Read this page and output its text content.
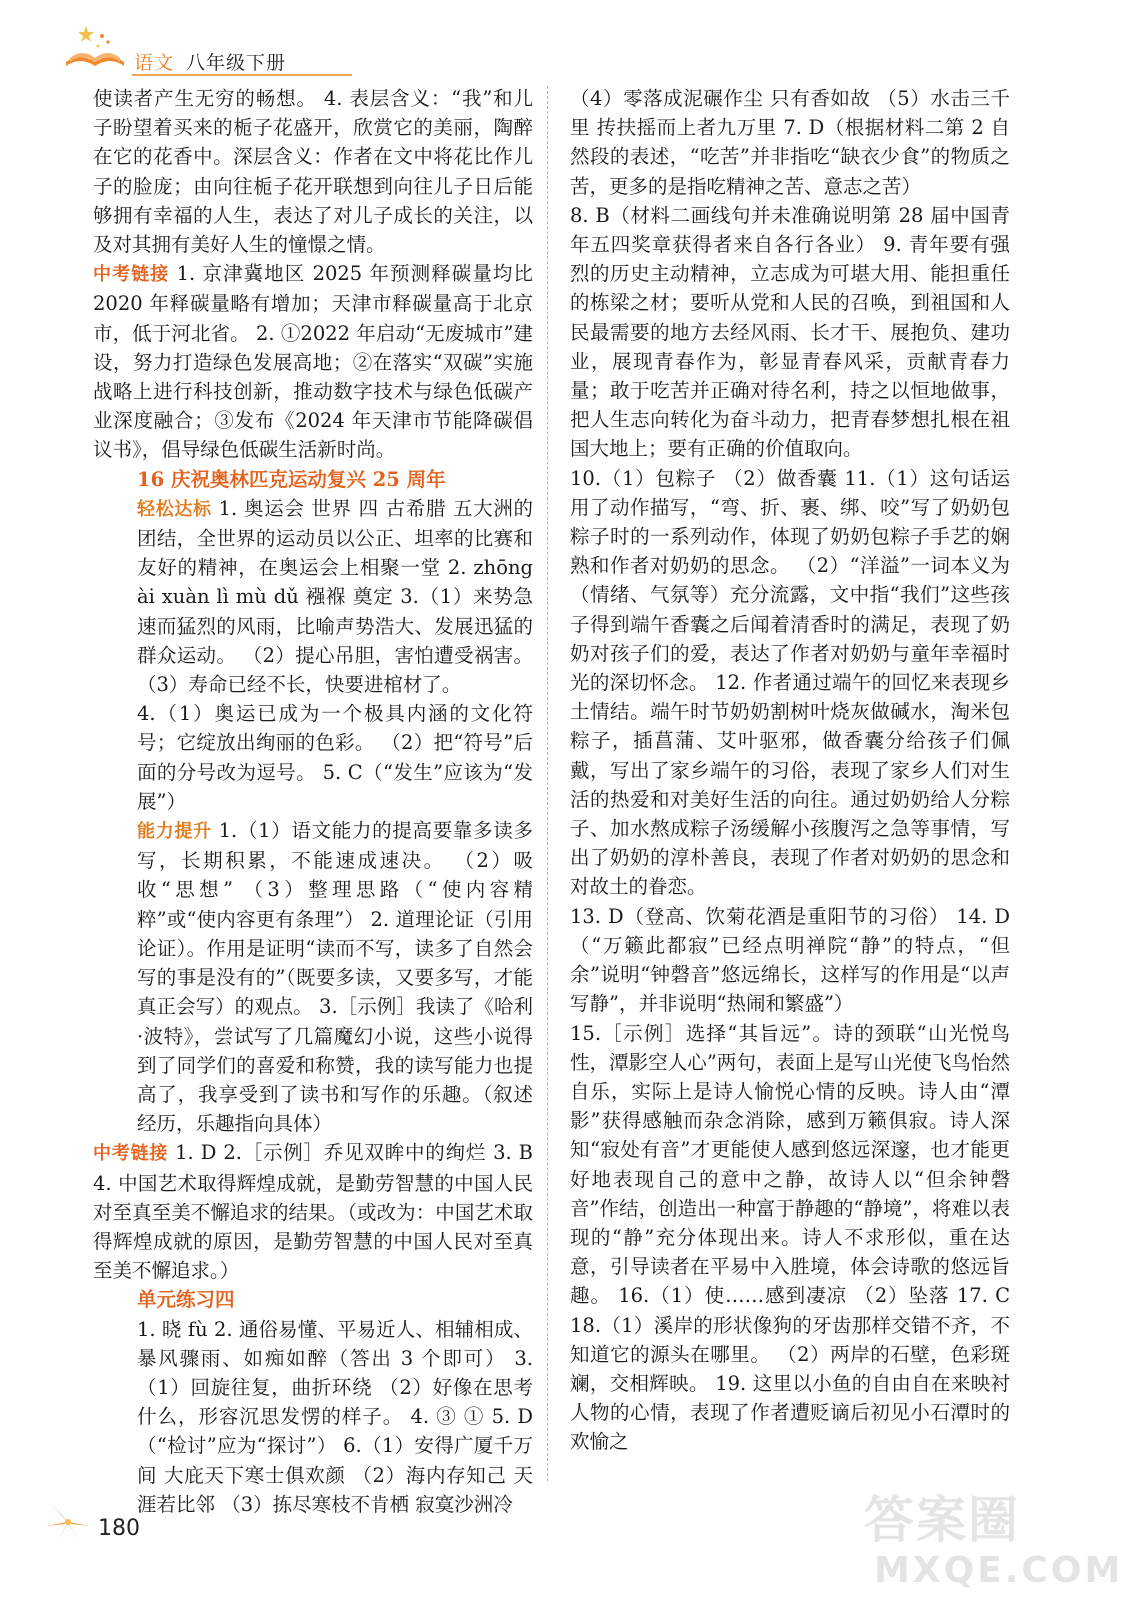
语文 八年级下册

使读者产生无穷的畅想。 4. 表层含义：“我”和儿子盼望着买来的栀子花盛开，欣赏它的美丽，陶醉在它的花香中。深层含义：作者在文中将花比作儿子的脸庞；由向往栀子花开联想到向往儿子日后能够拥有幸福的人生，表达了对儿子成长的关注，以及对其拥有美好人生的憧憬之情。

中考链接 1. 京津冀地区 2025 年预测释碳量均比 2020 年释碳量略有增加；天津市释碳量高于北京市，低于河北省。 2. ①2022 年启动“无废城市”建设，努力打造绿色发展高地；②在落实“双碳”实施战略上进行科技创新，推动数字技术与绿色低碳产业深度融合；③发布《2024 年天津市节能降碳倡议书》，倡导绿色低碳生活新时尚。

16 庆祝奥林匹克运动复兴 25 周年

轻松达标 1. 奥运会 世界 四 古希腊 五大洲的团结，全世界的运动员以公正、坦率的比赛和友好的精神，在奥运会上相聚一堂 2. zhōng ài xuàn lì mù dǔ 襁褓 奠定 3.（1）来势急速而猛烈的风雨，比喻声势浩大、发展迅猛的群众运动。 （2）提心吊胆，害怕遭受祸害。 （3）寿命已经不长，快要进棺材了。

4.（1）奥运已成为一个极具内涵的文化符号；它绽放出绚丽的色彩。 （2）把“符号”后面的分号改为逗号。 5. C（“发生”应该为“发展”）

能力提升 1.（1）语文能力的提高要靠多读多写，长期积累，不能速成速决。 （2）吸收“思想” （3）整理思路（“使内容精粹”或“使内容更有条理”） 2. 道理论证（引用论证）。作用是证明“读而不写，读多了自然会写的事是没有的”（既要多读，又要多写，才能真正会写）的观点。 3.［示例］我读了《哈利·波特》，尝试写了几篇魔幻小说，这些小说得到了同学们的喜爱和称赞，我的读写能力也提高了，我享受到了读书和写作的乐趣。（叙述经历，乐趣指向具体）

中考链接 1. D 2.［示例］乔见双眸中的绚烂 3. B 4. 中国艺术取得辉煌成就，是勤劳智慧的中国人民对至真至美不懈追求的结果。（或改为：中国艺术取得辉煌成就的原因，是勤劳智慧的中国人民对至真至美不懈追求。）

单元练习四

1. 晓 fù 2. 通俗易懂、平易近人、相辅相成、暴风骤雨、如痴如醉（答出 3 个即可） 3.（1）回旋往复，曲折环绕 （2）好像在思考什么，形容沉思发愣的样子。 4. ③ ① 5. D（“检讨”应为“探讨”） 6.（1）安得广厦千万间 大庇天下寒士俱欢颜 （2）海内存知己 天涯若比邻 （3）拣尽寒枝不肯栖 寂寞沙洲冷

（4）零落成泥碾作尘 只有香如故 （5）水击三千里 抟扶摇而上者九万里 7. D（根据材料二第 2 自然段的表述，“吃苦”并非指吃“缺衣少食”的物质之苦，更多的是指吃精神之苦、意志之苦）

8. B（材料二画线句并未准确说明第 28 届中国青年五四奖章获得者来自各行各业） 9. 青年要有强烈的历史主动精神，立志成为可堪大用、能担重任的栋梁之材；要听从党和人民的召唤，到祖国和人民最需要的地方去经风雨、长才干、展抱负、建功业，展现青春作为，彰显青春风采，贡献青春力量；敢于吃苦并正确对待名利，持之以恒地做事，把人生志向转化为奋斗动力，把青春梦想扎根在祖国大地上；要有正确的价值取向。

10.（1）包粽子 （2）做香囊 11.（1）这句话运用了动作描写，“弯、折、裹、绑、咬”写了奶奶包粽子时的一系列动作，体现了奶奶包粽子手艺的娴熟和作者对奶奶的思念。 （2）“洋溢”一词本义为（情绪、气氛等）充分流露，文中指“我们”这些孩子得到端午香囊之后闻着清香时的满足，表现了奶奶对孩子们的爱，表达了作者对奶奶与童年幸福时光的深切怀念。 12. 作者通过端午的回忆来表现乡土情结。端午时节奶奶割树叶烧灰做碱水，淘米包粽子，插菖蒲、艾叶驱邪，做香囊分给孩子们佩戴，写出了家乡端午的习俗，表现了家乡人们对生活的热爱和对美好生活的向往。通过奶奶给人分粽子、加水熬成粽子汤缓解小孩腹泻之急等事情，写出了奶奶的淳朴善良，表现了作者对奶奶的思念和对故土的眷恋。

13. D（登高、饮菊花酒是重阳节的习俗） 14. D（“万籁此都寂”已经点明禅院“静”的特点，“但余”说明“钟磬音”悠远绵长，这样写的作用是“以声写静”，并非说明“热闹和繁盛”）

15.［示例］选择“其旨远”。诗的颈联“山光悦鸟性，潭影空人心”两句，表面上是写山光使飞鸟怡然自乐，实际上是诗人愉悦心情的反映。诗人由“潭影”获得感触而杂念消除，感到万籁俱寂。诗人深知“寂处有音”才更能使人感到悠远深邃，也才能更好地表现自己的意中之静，故诗人以“但余钟磬音”作结，创造出一种富于静趣的“静境”，将难以表现的“静”充分体现出来。诗人不求形似，重在达意，引导读者在平易中入胜境，体会诗歌的悠远旨趣。 16.（1）使……感到凄凉 （2）坠落 17. C 18.（1）溪岸的形状像狗的牙齿那样交错不齐，不知道它的源头在哪里。 （2）两岸的石壁，色彩斑斓，交相辉映。 19. 这里以小鱼的自由自在来映衬人物的心情，表现了作者遭贬谪后初见小石潭时的欢愉之

180	答案圈
MXQE.COM
